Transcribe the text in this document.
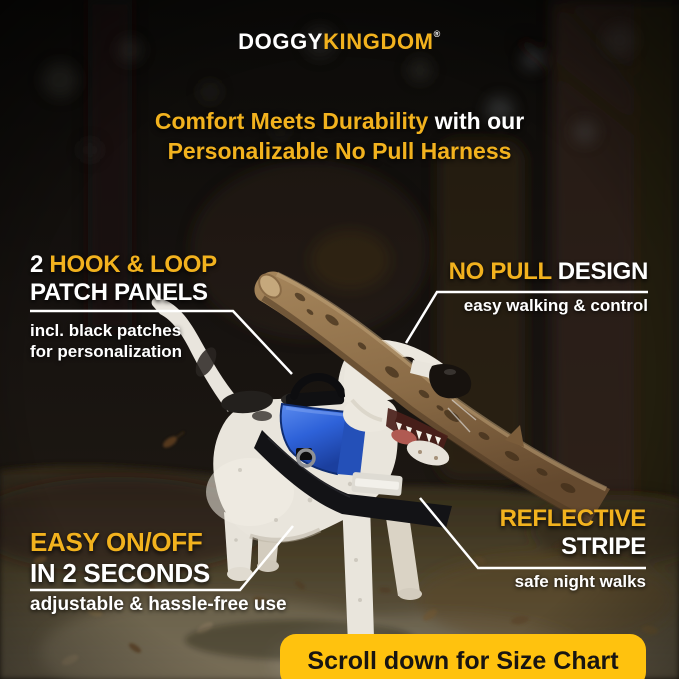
DOGGYKINGDOM®
Comfort Meets Durability with our
Personalizable No Pull Harness
2 HOOK & LOOP
PATCH PANELS
incl. black patches
for personalization
NO PULL DESIGN
easy walking & control
EASY ON/OFF
IN 2 SECONDS
adjustable & hassle-free use
REFLECTIVE
STRIPE
safe night walks
Scroll down for Size Chart
